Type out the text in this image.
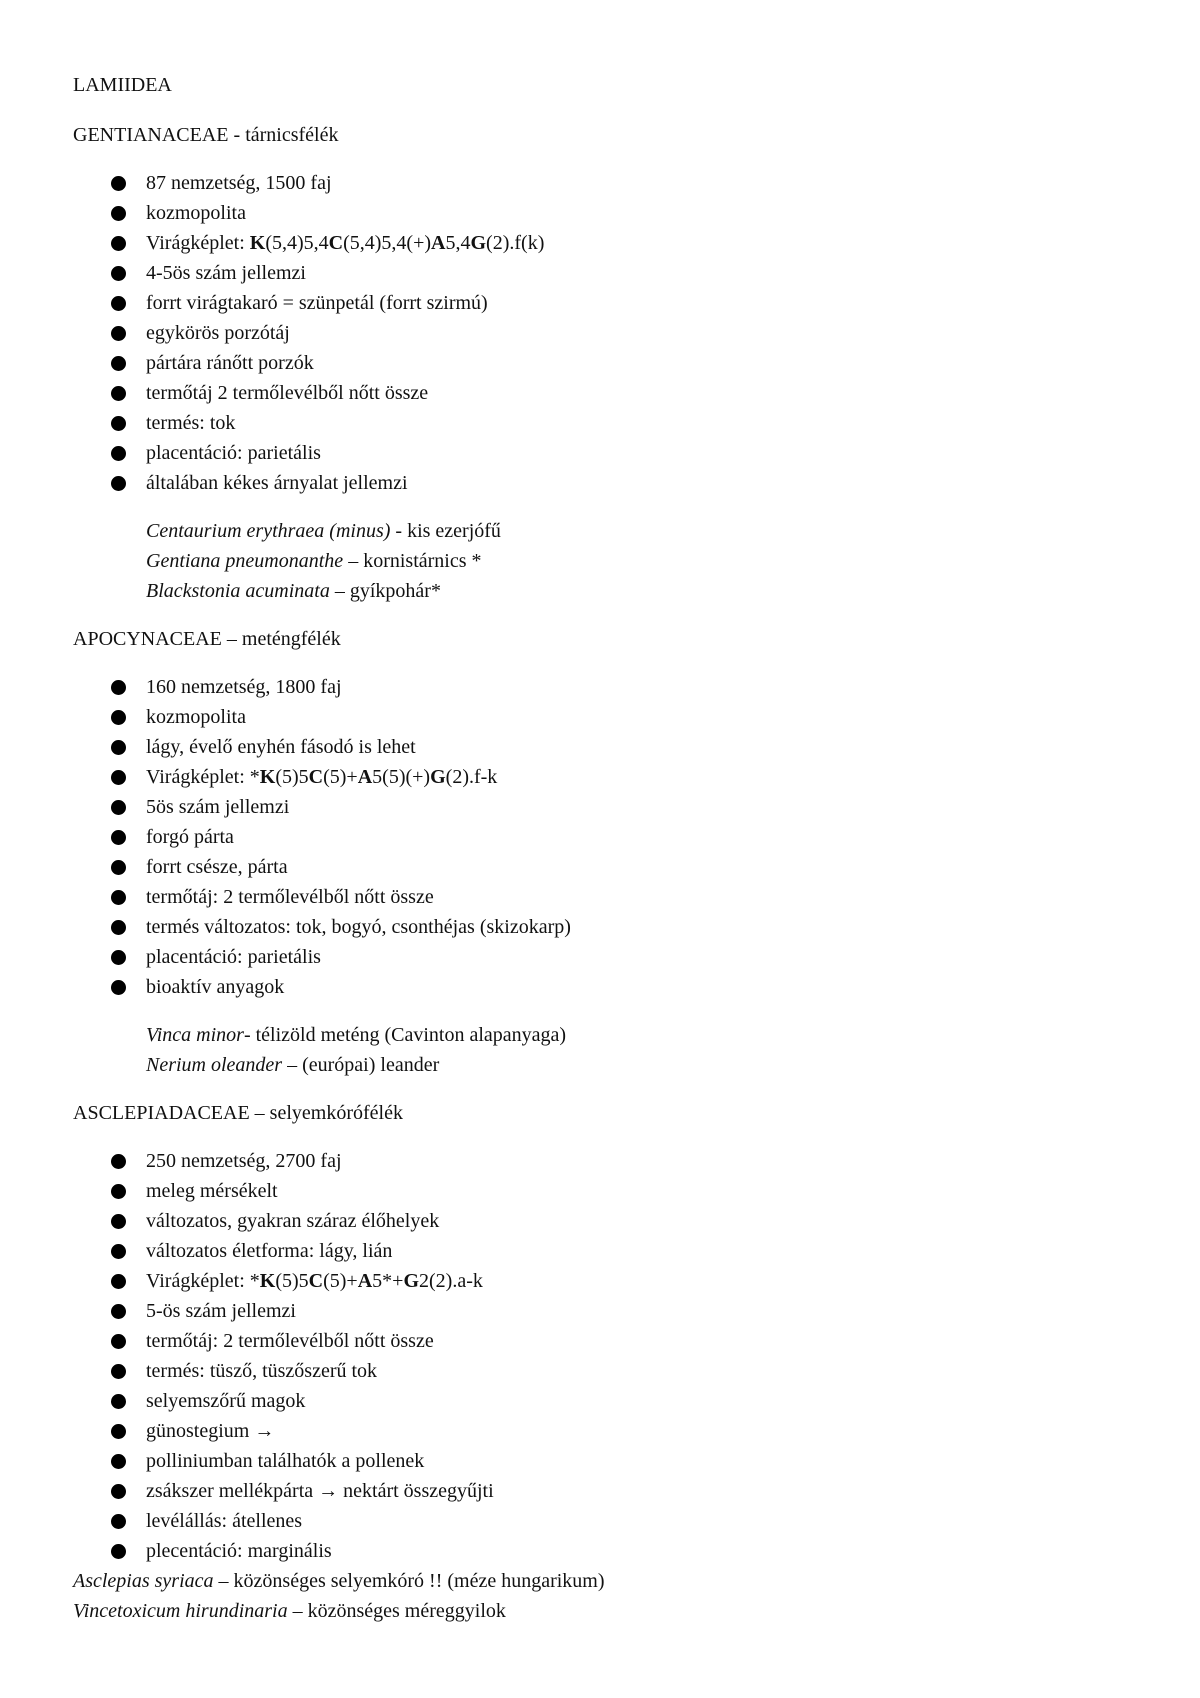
LAMIIDEA

GENTIANACEAE - tárnicsfélék

87 nemzetség, 1500 faj
kozmopolita
Virágképlet: K(5,4)5,4C(5,4)5,4(+)A5,4G(2).f(k)
4-5ös szám jellemzi
forrt virágtakaró = szünpetál (forrt szirmú)
egykörös porzótáj
pártára ránőtt porzók
termőtáj 2 termőlevélből nőtt össze
termés: tok
placentáció: parietális
általában kékes árnyalat jellemzi
Centaurium erythraea (minus) - kis ezerjófű
Gentiana pneumonanthe – kornistárnics *
Blackstonia acuminata – gyíkpohár*

APOCYNACEAE – meténgfélék

160 nemzetség, 1800 faj
kozmopolita
lágy, évelő enyhén fásodó is lehet
Virágképlet: *K(5)5C(5)+A5(5)(+)G(2).f-k
5ös szám jellemzi
forgó párta
forrt csésze, párta
termőtáj: 2 termőlevélből nőtt össze
termés változatos: tok, bogyó, csonthéjas (skizokarp)
placentáció: parietális
bioaktív anyagok
Vinca minor- télizöld meténg (Cavinton alapanyaga)
Nerium oleander – (európai) leander

ASCLEPIADACEAE – selyemkórófélék

250 nemzetség, 2700 faj
meleg mérsékelt
változatos, gyakran száraz élőhelyek
változatos életforma: lágy, lián
Virágképlet: *K(5)5C(5)+A5*+G2(2).a-k
5-ös szám jellemzi
termőtáj: 2 termőlevélből nőtt össze
termés: tüsző, tüszőszerű tok
selyemszőrű magok
günostegium →
polliniumban találhatók a pollenek
zsákszer mellékpárta → nektárt összegyűjti
levélállás: átellenes
plecentáció: marginális
Asclepias syriaca – közönséges selyemkóró !! (méze hungarikum)
Vincetoxicum hirundinaria – közönséges méreggyilok
